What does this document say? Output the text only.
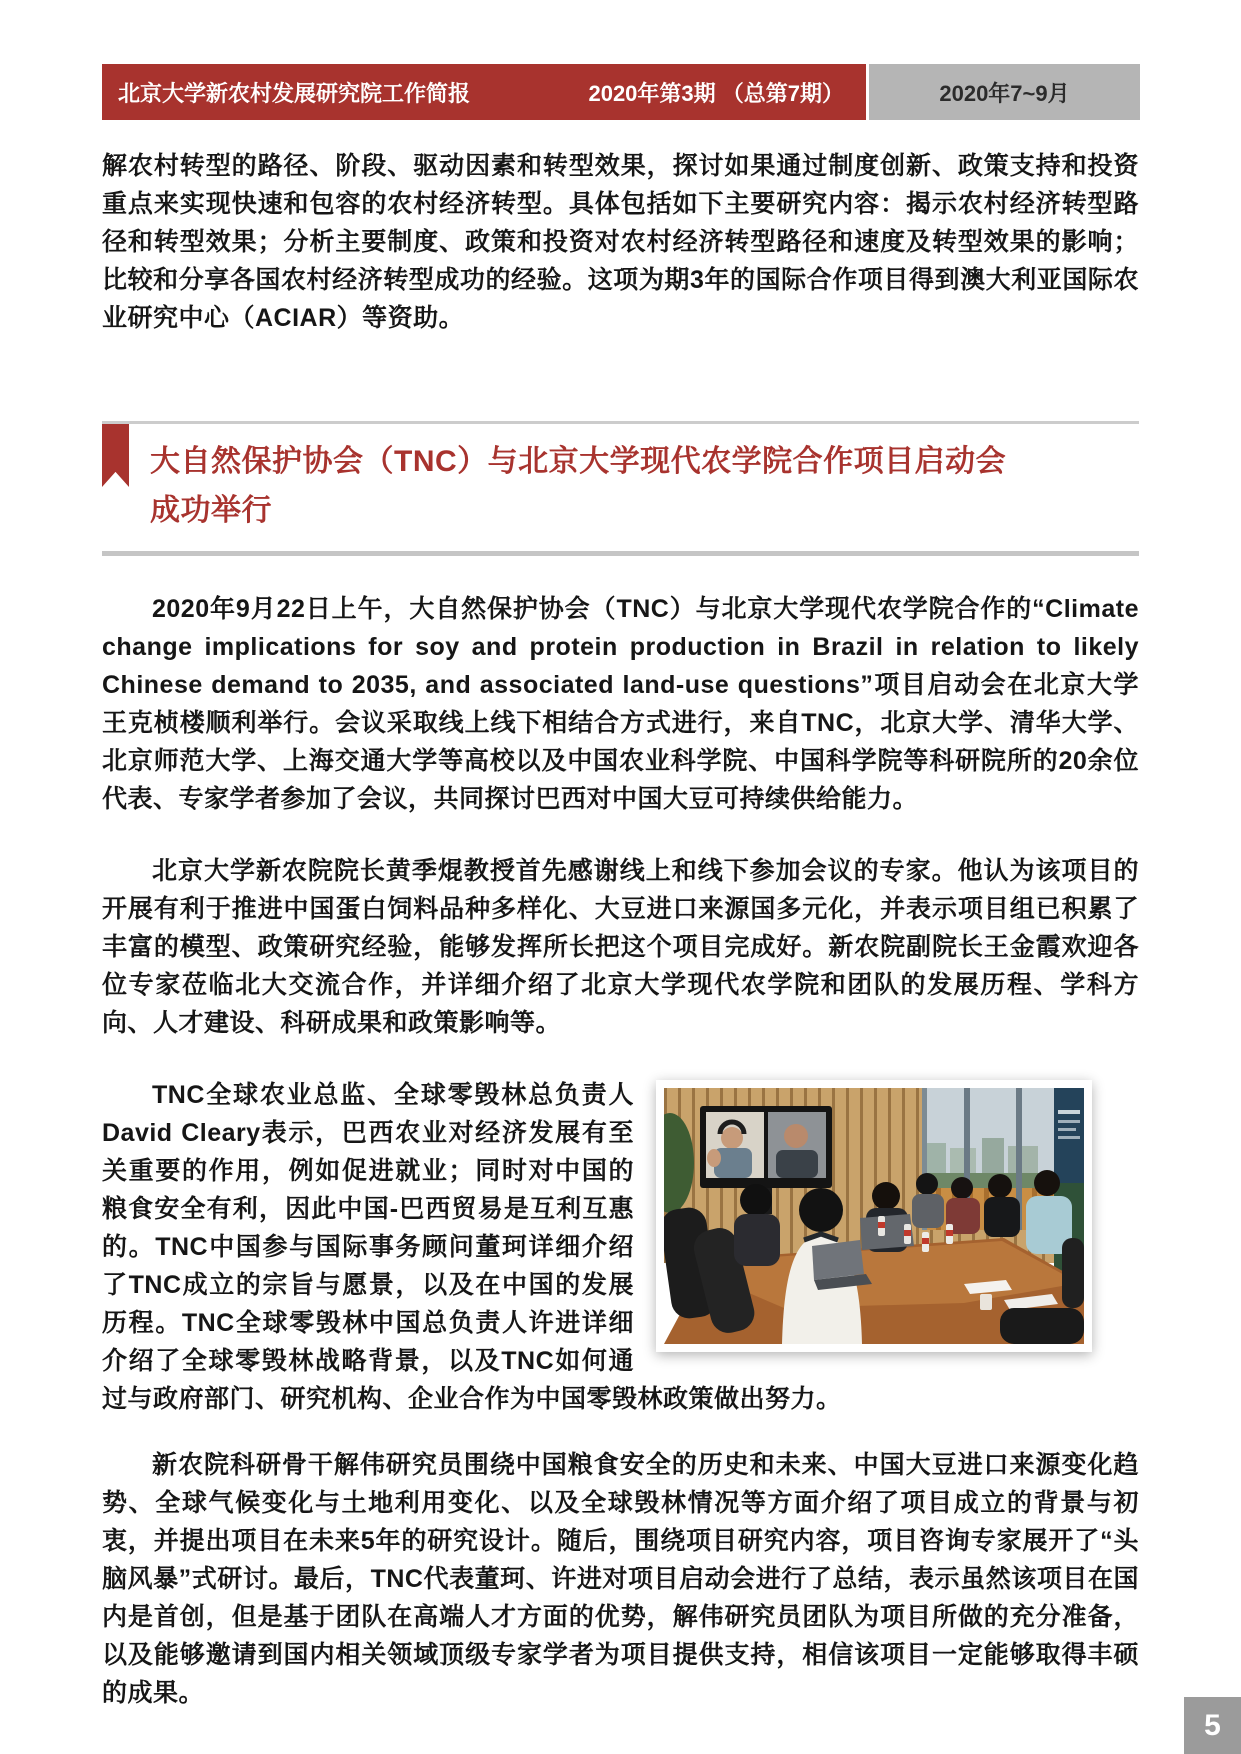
北京大学新农村发展研究院工作简报	2020年第3期 （总第7期）	2020年7~9月

解农村转型的路径、阶段、驱动因素和转型效果，探讨如果通过制度创新、政策支持和投资重点来实现快速和包容的农村经济转型。具体包括如下主要研究内容：揭示农村经济转型路径和转型效果；分析主要制度、政策和投资对农村经济转型路径和速度及转型效果的影响；比较和分享各国农村经济转型成功的经验。这项为期3年的国际合作项目得到澳大利亚国际农业研究中心（ACIAR）等资助。

大自然保护协会（TNC）与北京大学现代农学院合作项目启动会
成功举行

2020年9月22日上午，大自然保护协会（TNC）与北京大学现代农学院合作的“Climate change implications for soy and protein production in Brazil in relation to likely Chinese demand to 2035, and associated land-use questions”项目启动会在北京大学王克桢楼顺利举行。会议采取线上线下相结合方式进行，来自TNC，北京大学、清华大学、北京师范大学、上海交通大学等高校以及中国农业科学院、中国科学院等科研院所的20余位代表、专家学者参加了会议，共同探讨巴西对中国大豆可持续供给能力。

北京大学新农院院长黄季焜教授首先感谢线上和线下参加会议的专家。他认为该项目的开展有利于推进中国蛋白饲料品种多样化、大豆进口来源国多元化，并表示项目组已积累了丰富的模型、政策研究经验，能够发挥所长把这个项目完成好。新农院副院长王金霞欢迎各位专家莅临北大交流合作，并详细介绍了北京大学现代农学院和团队的发展历程、学科方向、人才建设、科研成果和政策影响等。

TNC全球农业总监、全球零毁林总负责人David Cleary表示，巴西农业对经济发展有至关重要的作用，例如促进就业；同时对中国的粮食安全有利，因此中国-巴西贸易是互利互惠的。TNC中国参与国际事务顾问董珂详细介绍了TNC成立的宗旨与愿景，以及在中国的发展历程。TNC全球零毁林中国总负责人许进详细介绍了全球零毁林战略背景，以及TNC如何通过与政府部门、研究机构、企业合作为中国零毁林政策做出努力。

新农院科研骨干解伟研究员围绕中国粮食安全的历史和未来、中国大豆进口来源变化趋势、全球气候变化与土地利用变化、以及全球毁林情况等方面介绍了项目成立的背景与初衷，并提出项目在未来5年的研究设计。随后，围绕项目研究内容，项目咨询专家展开了“头脑风暴”式研讨。最后，TNC代表董珂、许进对项目启动会进行了总结，表示虽然该项目在国内是首创，但是基于团队在高端人才方面的优势，解伟研究员团队为项目所做的充分准备，以及能够邀请到国内相关领域顶级专家学者为项目提供支持，相信该项目一定能够取得丰硕的成果。

5
